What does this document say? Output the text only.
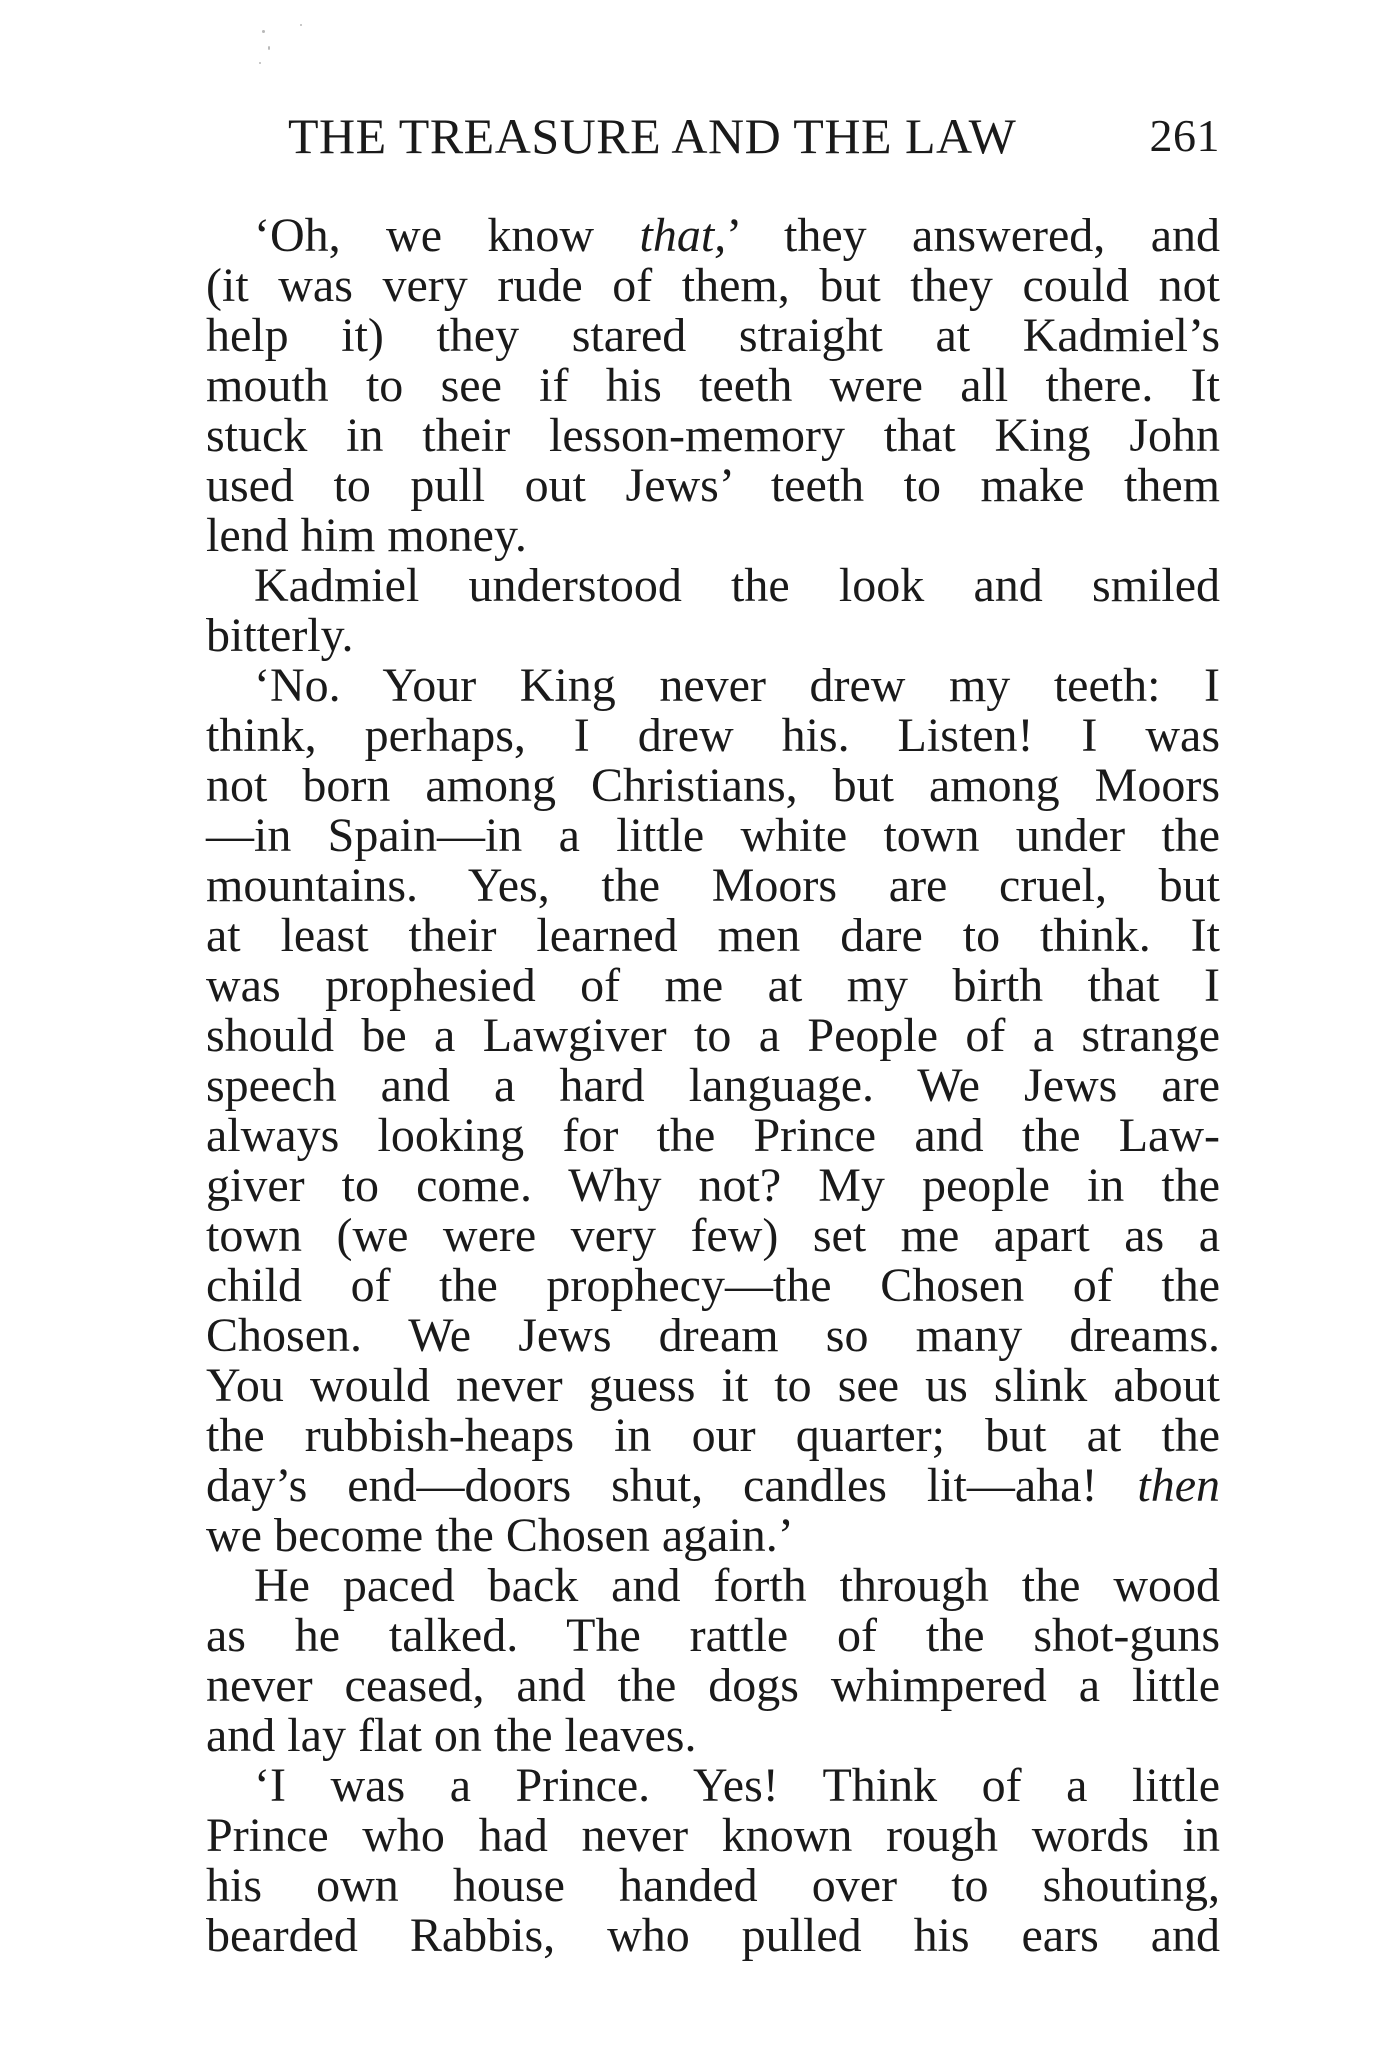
THE TREASURE AND THE LAW	261
‘Oh, we know that,’ they answered, and
(it was very rude of them, but they could not
help it) they stared straight at Kadmiel’s
mouth to see if his teeth were all there. It
stuck in their lesson-memory that King John
used to pull out Jews’ teeth to make them
lend him money.
Kadmiel understood the look and smiled
bitterly.
‘No. Your King never drew my teeth: I
think, perhaps, I drew his. Listen! I was
not born among Christians, but among Moors
—in Spain—in a little white town under the
mountains. Yes, the Moors are cruel, but
at least their learned men dare to think. It
was prophesied of me at my birth that I
should be a Lawgiver to a People of a strange
speech and a hard language. We Jews are
always looking for the Prince and the Law-
giver to come. Why not? My people in the
town (we were very few) set me apart as a
child of the prophecy—the Chosen of the
Chosen. We Jews dream so many dreams.
You would never guess it to see us slink about
the rubbish-heaps in our quarter; but at the
day’s end—doors shut, candles lit—aha! then
we become the Chosen again.’
He paced back and forth through the wood
as he talked. The rattle of the shot-guns
never ceased, and the dogs whimpered a little
and lay flat on the leaves.
‘I was a Prince. Yes! Think of a little
Prince who had never known rough words in
his own house handed over to shouting,
bearded Rabbis, who pulled his ears and
